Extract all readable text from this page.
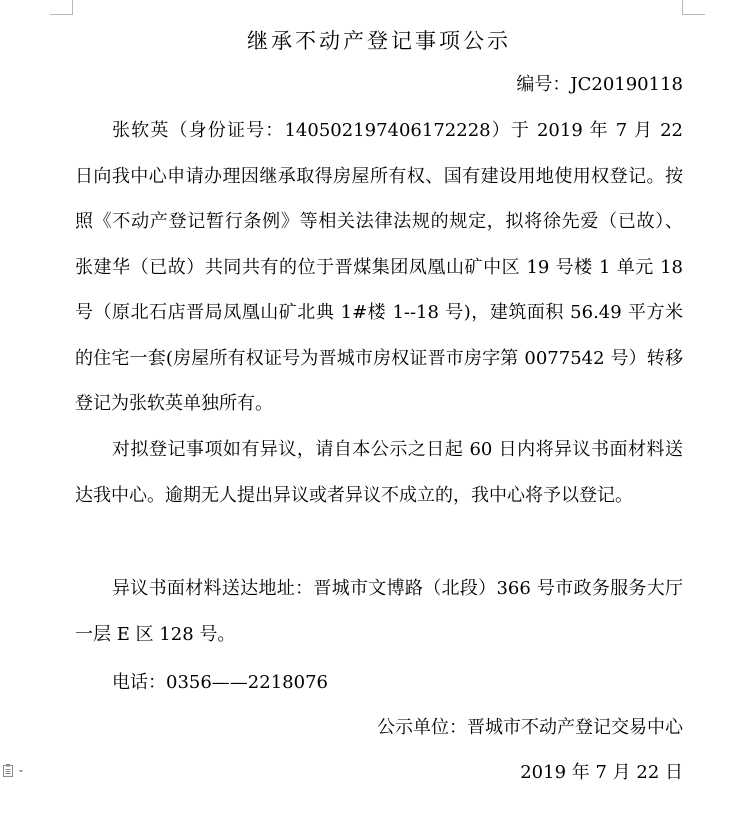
继承不动产登记事项公示
编号：JC20190118

张软英（身份证号：140502197406172228）于 2019 年 7 月 22 日向我中心申请办理因继承取得房屋所有权、国有建设用地使用权登记。按照《不动产登记暂行条例》等相关法律法规的规定，拟将徐先爱（已故）、 张建华（已故）共同共有的位于晋煤集团凤凰山矿中区 19 号楼 1 单元 18 号（原北石店晋局凤凰山矿北典 1#楼 1--18 号)，建筑面积 56.49 平方米的住宅一套(房屋所有权证号为晋城市房权证晋市房字第 0077542 号）转移登记为张软英单独所有。

对拟登记事项如有异议，请自本公示之日起 60 日内将异议书面材料送达我中心。逾期无人提出异议或者异议不成立的，我中心将予以登记。

异议书面材料送达地址：晋城市文博路（北段）366 号市政务服务大厅一层 E 区 128 号。

电话：0356——2218076
公示单位：晋城市不动产登记交易中心
2019 年 7 月 22 日
